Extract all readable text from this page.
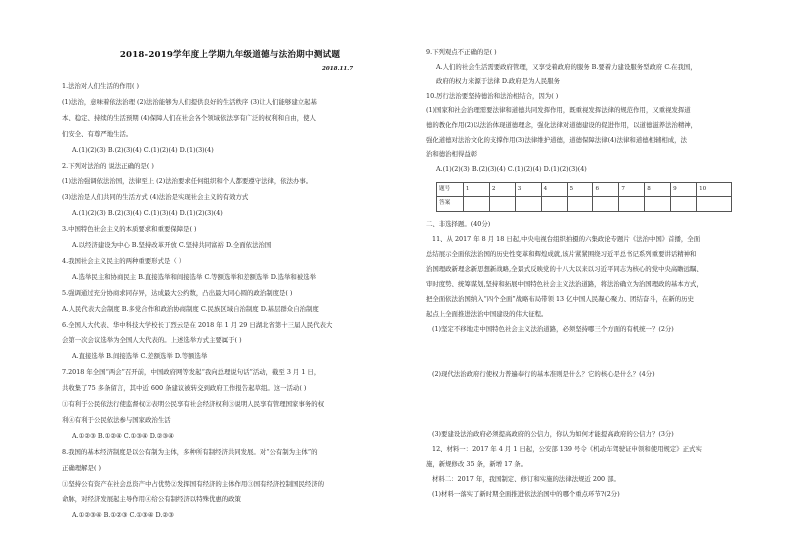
2018-2019学年度上学期九年级道德与法治期中测试题
2018.11.7
1.法治对人们生活的作用( )
(1)法治，意味着依法治理 (2)法治能够为人们提供良好的生活秩序 (3)让人们能够建立起基
本、稳定、持续的生活预期 (4)保障人们在社会各个领域依法享有广泛的权利和自由，使人
们安全、有尊严地生活。
A.(1)(2)(3) B.(2)(3)(4) C.(1)(2)(4) D.(1)(3)(4)
2.下列对法治的 说法正确的是( )
(1)法治强调依法治国，法律至上 (2)法治要求任何组织和个人都要遵守法律，依法办事。
(3)法治是人们共同的生活方式 (4)法治是实现社会主义的有效方式
A.(1)(2)(3) B.(2)(3)(4) C.(1)(3)(4) D.(1)(2)(3)(4)
3.中国特色社会主义的本质要求和重要保障是( )
A.以经济建设为中心 B.坚持改革开放 C.坚持共同富裕 D.全面依法治国
4.我国社会主义民主的两种重要形式是（ ）
A.选举民主和协商民主 B.直接选举和间接选举 C.等额选举和差额选举 D.选举和被选举
5.强调通过充分协商求同存异，达成最大公约数，凸出最大同心圆的政治制度是( )
A.人民代表大会制度 B.多党合作和政治协商制度 C.民族区域自治制度 D.基层群众自治制度
6.全国人大代表、华中科技大学校长丁烈云是在 2018 年 1 月 29 日湖北省第十三届人民代表大
会第一次会议选举为全国人大代表的。上述选举方式主要属于( )
A.直接选举 B.间接选举 C.差额选举 D.等额选举
7.2018 年全国“两会”召开前，中国政府网等发起“我向总理说句话”活动，截至 3 月 1 日，
共收集了75 多条留言，其中近 600 条建议被转交到政府工作报告起草组。这一活动( )
①有利于公民依法行使监督权②表明公民享有社会经济权利③说明人民享有管理国家事务的权
利④有利于公民依法参与国家政治生活
A.①②③ B.①②④ C.①③④ D.②③④
8.我国的基本经济制度是以公有制为主体，多种所有制经济共同发展。对“公有制为主体”的
正确理解是( )
①坚持公有资产在社会总资产中占优势②发挥国有经济的主体作用③国有经济控制国民经济的
命脉，对经济发展起主导作用④给公有制经济以特殊优惠的政策
A.①②③④ B.①②③ C.①③④ D.②③
题号	1	2	3	4	5	6	7	8	9	10
答案										
9.下列观点不正确的是( )
A.人们的社会生活需要政府管理，又享受着政府的服务 B.要着力建设服务型政府 C.在我国，
政府的权力来源于法律 D.政府是为人民服务
10.厉行法治要坚持德治和法治相结合，因为( )
(1)国家和社会治理需要法律和道德共同发挥作用，既重视发挥法律的规范作用，又重视发挥道
德的教化作用(2)以法治体现道德理念，强化法律对道德建设的促进作用，以道德滋养法治精神，
强化道德对法治文化的支撑作用(3)法律维护道德，道德保障法律(4)法律和道德相辅相成，法
治和德治相得益彰
A.(1)(2)(3) B.(2)(3)(4) C.(1)(2)(4) D.(1)(2)(3)(4)
二、非选择题。(40分)
11、从 2017 年 8 月 18 日起,中央电视台组织拍摄的六集政论专题片《法治中国》首播，全面
总结展示全面依法治国的历史性变革和辉煌成就,该片紧紧围绕习近平总书记系列重要讲话精神和
治国理政新理念新思想新战略,全景式反映党的十八大以来以习近平同志为核心的党中央高瞻远瞩、
审时度势、统筹谋划,坚持和拓展中国特色社会主义法治道路，将法治确立为治国理政的基本方式，
把全面依法治国纳入“四个全面”战略布局带领 13 亿中国人民凝心聚力、团结奋斗，在新的历史
起点上全面推进法治中国建设的伟大征程。
(1)坚定不移地走中国特色社会主义法治道路，必须坚持哪三个方面的有机统一？(2分)
(2)现代法治政府行使权力普遍奉行的基本准则是什么？它的核心是什么？(4分)
(3)要建设法治政府必须提高政府的公信力，你认为如何才能提高政府的公信力？(3分)
12、材料一：2017 年 4 月 1 日起，公安部 139 号令《机动车驾驶证申领和使用规定》正式实
施，新规修改 35 条，新增 17 条。
材料二：2017 年，我国制定、修订和实施的法律法规近 200 部。
(1)材料一落实了新时期全面推进依法治国中的哪个重点环节?(2分)
